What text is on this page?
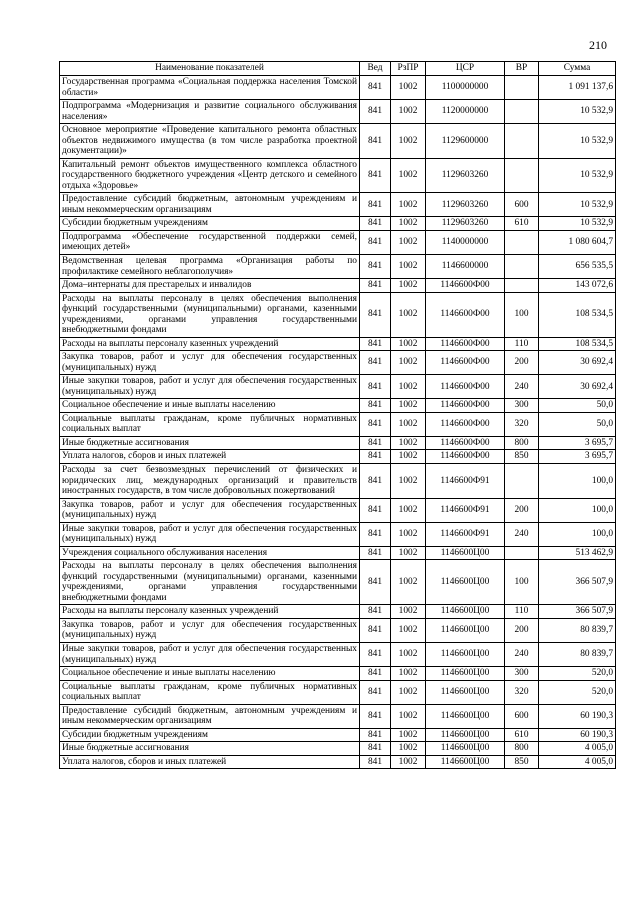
210
Наименование показателей	Вед	РзПР	ЦСР	ВР	Сумма
Государственная программа «Социальная поддержка населения Томской области»	841	1002	1100000000		1 091 137,6
Подпрограмма «Модернизация и развитие социального обслуживания населения»	841	1002	1120000000		10 532,9
Основное мероприятие «Проведение капитального ремонта областных объектов недвижимого имущества (в том числе разработка проектной документации)»	841	1002	1129600000		10 532,9
Капитальный ремонт объектов имущественного комплекса областного государственного бюджетного учреждения «Центр детского и семейного отдыха «Здоровье»	841	1002	1129603260		10 532,9
Предоставление субсидий бюджетным, автономным учреждениям и иным некоммерческим организациям	841	1002	1129603260	600	10 532,9
Субсидии бюджетным учреждениям	841	1002	1129603260	610	10 532,9
Подпрограмма «Обеспечение государственной поддержки семей, имеющих детей»	841	1002	1140000000		1 080 604,7
Ведомственная целевая программа «Организация работы по профилактике семейного неблагополучия»	841	1002	1146600000		656 535,5
Дома–интернаты для престарелых и инвалидов	841	1002	1146600Ф00		143 072,6
Расходы на выплаты персоналу в целях обеспечения выполнения функций государственными (муниципальными) органами, казенными учреждениями, органами управления государственными внебюджетными фондами	841	1002	1146600Ф00	100	108 534,5
Расходы на выплаты персоналу казенных учреждений	841	1002	1146600Ф00	110	108 534,5
Закупка товаров, работ и услуг для обеспечения государственных (муниципальных) нужд	841	1002	1146600Ф00	200	30 692,4
Иные закупки товаров, работ и услуг для обеспечения государственных (муниципальных) нужд	841	1002	1146600Ф00	240	30 692,4
Социальное обеспечение и иные выплаты населению	841	1002	1146600Ф00	300	50,0
Социальные выплаты гражданам, кроме публичных нормативных социальных выплат	841	1002	1146600Ф00	320	50,0
Иные бюджетные ассигнования	841	1002	1146600Ф00	800	3 695,7
Уплата налогов, сборов и иных платежей	841	1002	1146600Ф00	850	3 695,7
Расходы за счет безвозмездных перечислений от физических и юридических лиц, международных организаций и правительств иностранных государств, в том числе добровольных пожертвований	841	1002	1146600Ф91		100,0
Закупка товаров, работ и услуг для обеспечения государственных (муниципальных) нужд	841	1002	1146600Ф91	200	100,0
Иные закупки товаров, работ и услуг для обеспечения государственных (муниципальных) нужд	841	1002	1146600Ф91	240	100,0
Учреждения социального обслуживания населения	841	1002	1146600Ц00		513 462,9
Расходы на выплаты персоналу в целях обеспечения выполнения функций государственными (муниципальными) органами, казенными учреждениями, органами управления государственными внебюджетными фондами	841	1002	1146600Ц00	100	366 507,9
Расходы на выплаты персоналу казенных учреждений	841	1002	1146600Ц00	110	366 507,9
Закупка товаров, работ и услуг для обеспечения государственных (муниципальных) нужд	841	1002	1146600Ц00	200	80 839,7
Иные закупки товаров, работ и услуг для обеспечения государственных (муниципальных) нужд	841	1002	1146600Ц00	240	80 839,7
Социальное обеспечение и иные выплаты населению	841	1002	1146600Ц00	300	520,0
Социальные выплаты гражданам, кроме публичных нормативных социальных выплат	841	1002	1146600Ц00	320	520,0
Предоставление субсидий бюджетным, автономным учреждениям и иным некоммерческим организациям	841	1002	1146600Ц00	600	60 190,3
Субсидии бюджетным учреждениям	841	1002	1146600Ц00	610	60 190,3
Иные бюджетные ассигнования	841	1002	1146600Ц00	800	4 005,0
Уплата налогов, сборов и иных платежей	841	1002	1146600Ц00	850	4 005,0
